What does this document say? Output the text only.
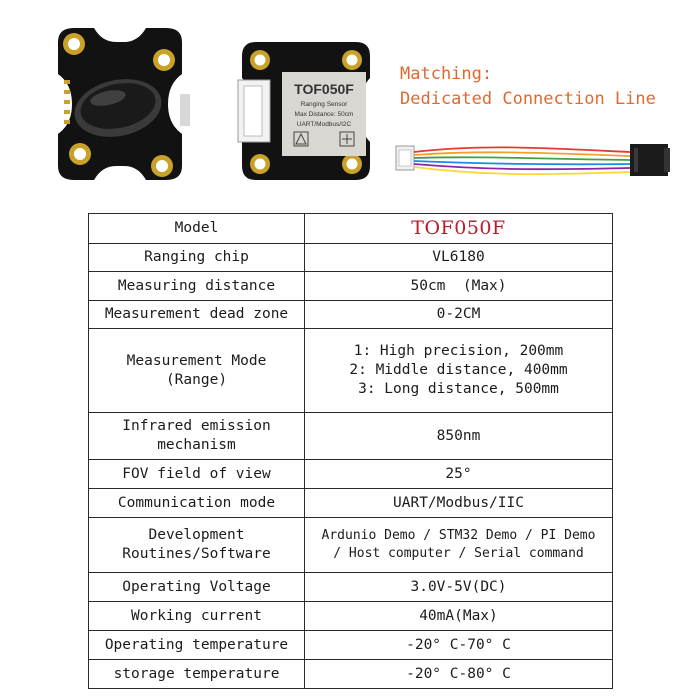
TOF050F
Ranging Sensor
Max Distance: 50cm
UART/Modbus/I2C
Matching:
Dedicated Connection Line
Model	TOF050F
Ranging chip	VL6180
Measuring distance	50cm  (Max)
Measurement dead zone	0-2CM

Measurement Mode
(Range)	1: High precision, 200mm
2: Middle distance, 400mm
3: Long distance, 500mm

Infrared emission
mechanism	850nm
FOV field of view	25°
Communication mode	UART/Modbus/IIC

Development
Routines/Software	Ardunio Demo / STM32 Demo / PI Demo
/ Host computer / Serial command

Operating Voltage	3.0V-5V(DC)
Working current	40mA(Max)
Operating temperature	-20° C-70° C
storage temperature	-20° C-80° C
